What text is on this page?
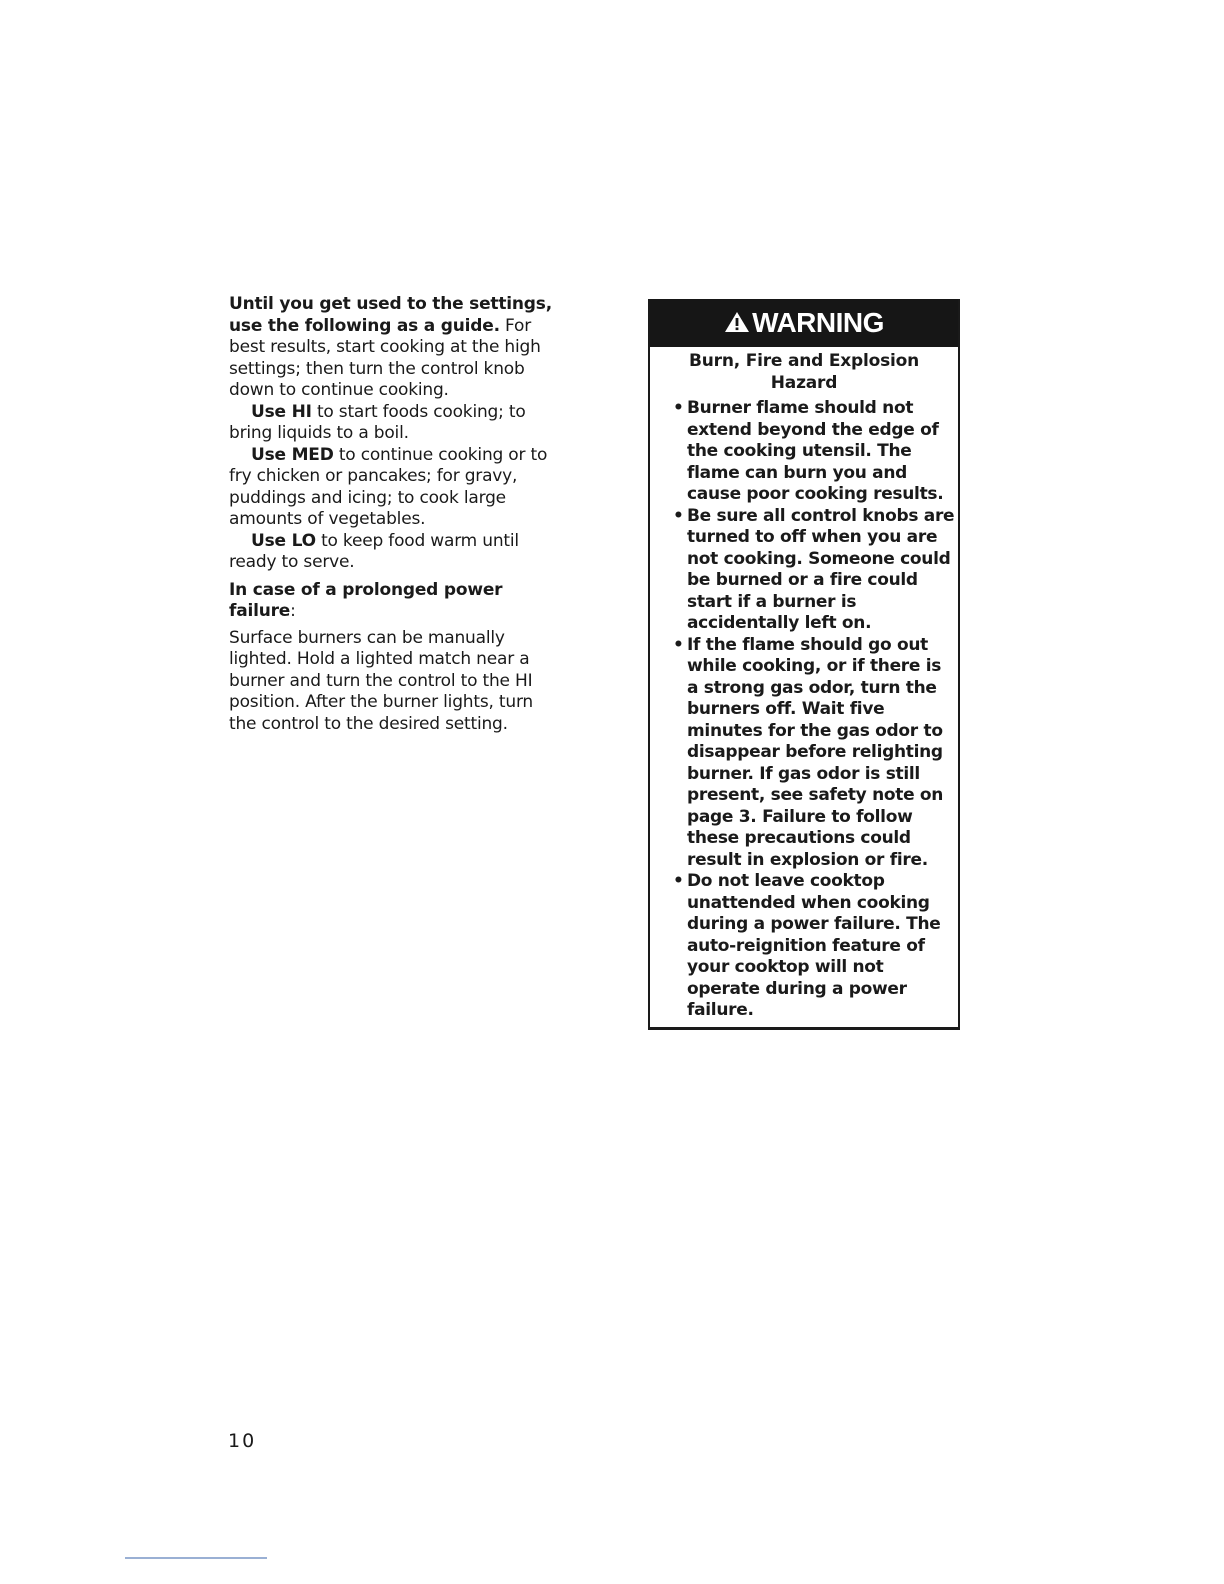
Until you get used to the settings, use the following as a guide. For best results, start cooking at the high settings; then turn the control knob down to continue cooking.

Use HI to start foods cooking; to bring liquids to a boil.

Use MED to continue cooking or to fry chicken or pancakes; for gravy, puddings and icing; to cook large amounts of vegetables.

Use LO to keep food warm until ready to serve.

In case of a prolonged power failure:

Surface burners can be manually lighted. Hold a lighted match near a burner and turn the control to the HI position. After the burner lights, turn the control to the desired setting.

WARNING
Burn, Fire and Explosion Hazard
• Burner flame should not extend beyond the edge of the cooking utensil. The flame can burn you and cause poor cooking results.
• Be sure all control knobs are turned to off when you are not cooking. Someone could be burned or a fire could start if a burner is accidentally left on.
• If the flame should go out while cooking, or if there is a strong gas odor, turn the burners off. Wait five minutes for the gas odor to disappear before relighting burner. If gas odor is still present, see safety note on page 3. Failure to follow these precautions could result in explosion or fire.
• Do not leave cooktop unattended when cooking during a power failure. The auto-reignition feature of your cooktop will not operate during a power failure.
10
